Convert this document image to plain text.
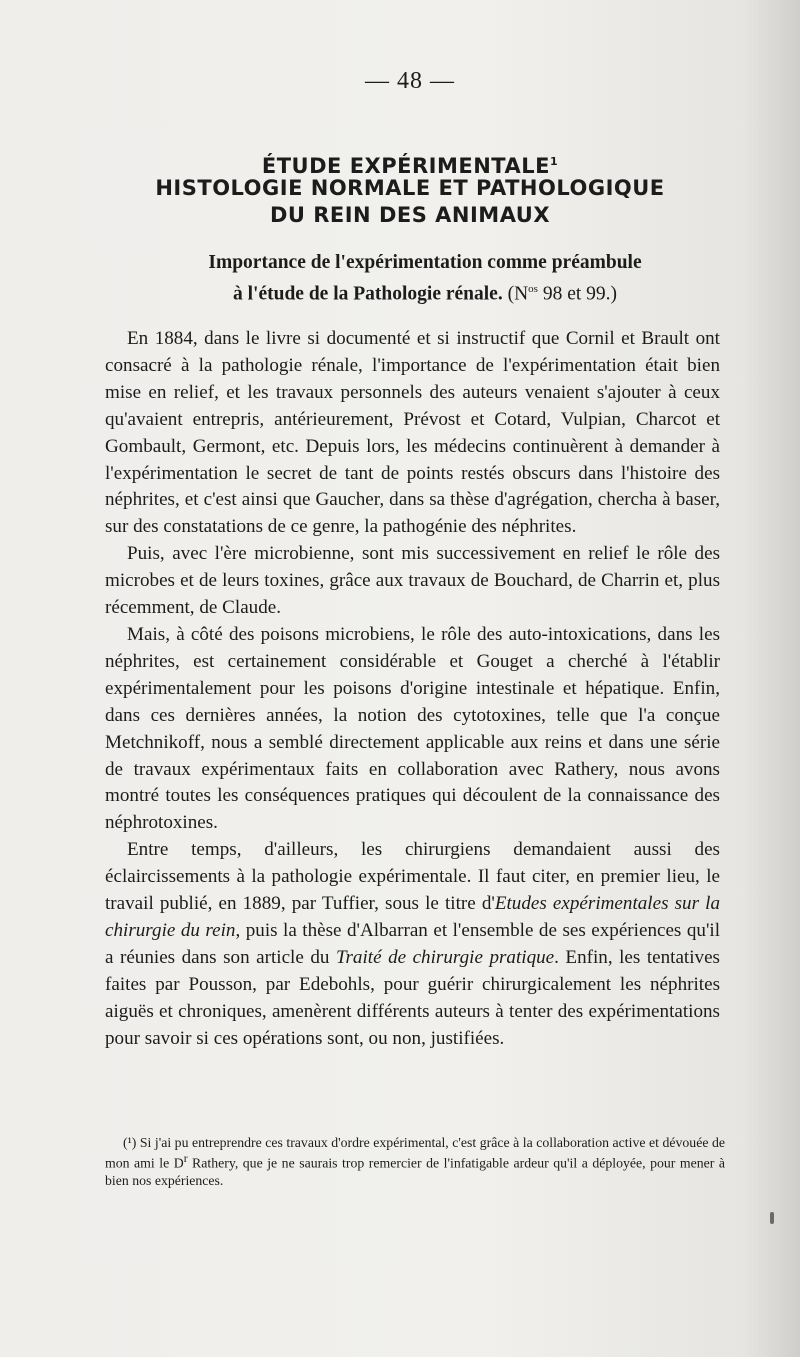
— 48 —
ÉTUDE EXPÉRIMENTALE$^1$
HISTOLOGIE NORMALE ET PATHOLOGIQUE
DU REIN DES ANIMAUX
Importance de l'expérimentation comme préambule
à l'étude de la Pathologie rénale. ($N^{os}$ 98 et 99.)

En 1884, dans le livre si documenté et si instructif que Cornil et Brault ont consacré à la pathologie rénale, l'importance de l'expérimentation était bien mise en relief, et les travaux personnels des auteurs venaient s'ajouter à ceux qu'avaient entrepris, antérieurement, Prévost et Cotard, Vulpian, Charcot et Gombault, Germont, etc. Depuis lors, les médecins continuèrent à demander à l'expérimentation le secret de tant de points restés obscurs dans l'histoire des néphrites, et c'est ainsi que Gaucher, dans sa thèse d'agrégation, chercha à baser, sur des constatations de ce genre, la pathogénie des néphrites.

Puis, avec l'ère microbienne, sont mis successivement en relief le rôle des microbes et de leurs toxines, grâce aux travaux de Bouchard, de Charrin et, plus récemment, de Claude.

Mais, à côté des poisons microbiens, le rôle des auto-intoxications, dans les néphrites, est certainement considérable et Gouget a cherché à l'établir expérimentalement pour les poisons d'origine intestinale et hépatique. Enfin, dans ces dernières années, la notion des cytotoxines, telle que l'a conçue Metchnikoff, nous a semblé directement applicable aux reins et dans une série de travaux expérimentaux faits en collaboration avec Rathery, nous avons montré toutes les conséquences pratiques qui découlent de la connaissance des néphrotoxines.

Entre temps, d'ailleurs, les chirurgiens demandaient aussi des éclaircissements à la pathologie expérimentale. Il faut citer, en premier lieu, le travail publié, en 1889, par Tuffier, sous le titre d'Etudes expérimentales sur la chirurgie du rein, puis la thèse d'Albarran et l'ensemble de ses expériences qu'il a réunies dans son article du Traité de chirurgie pratique. Enfin, les tentatives faites par Pousson, par Edebohls, pour guérir chirurgicalement les néphrites aiguës et chroniques, amenèrent différents auteurs à tenter des expérimentations pour savoir si ces opérations sont, ou non, justifiées.

(¹) Si j'ai pu entreprendre ces travaux d'ordre expérimental, c'est grâce à la collaboration active et dévouée de mon ami le $D^r$ Rathery, que je ne saurais trop remercier de l'infatigable ardeur qu'il a déployée, pour mener à bien nos expériences.
